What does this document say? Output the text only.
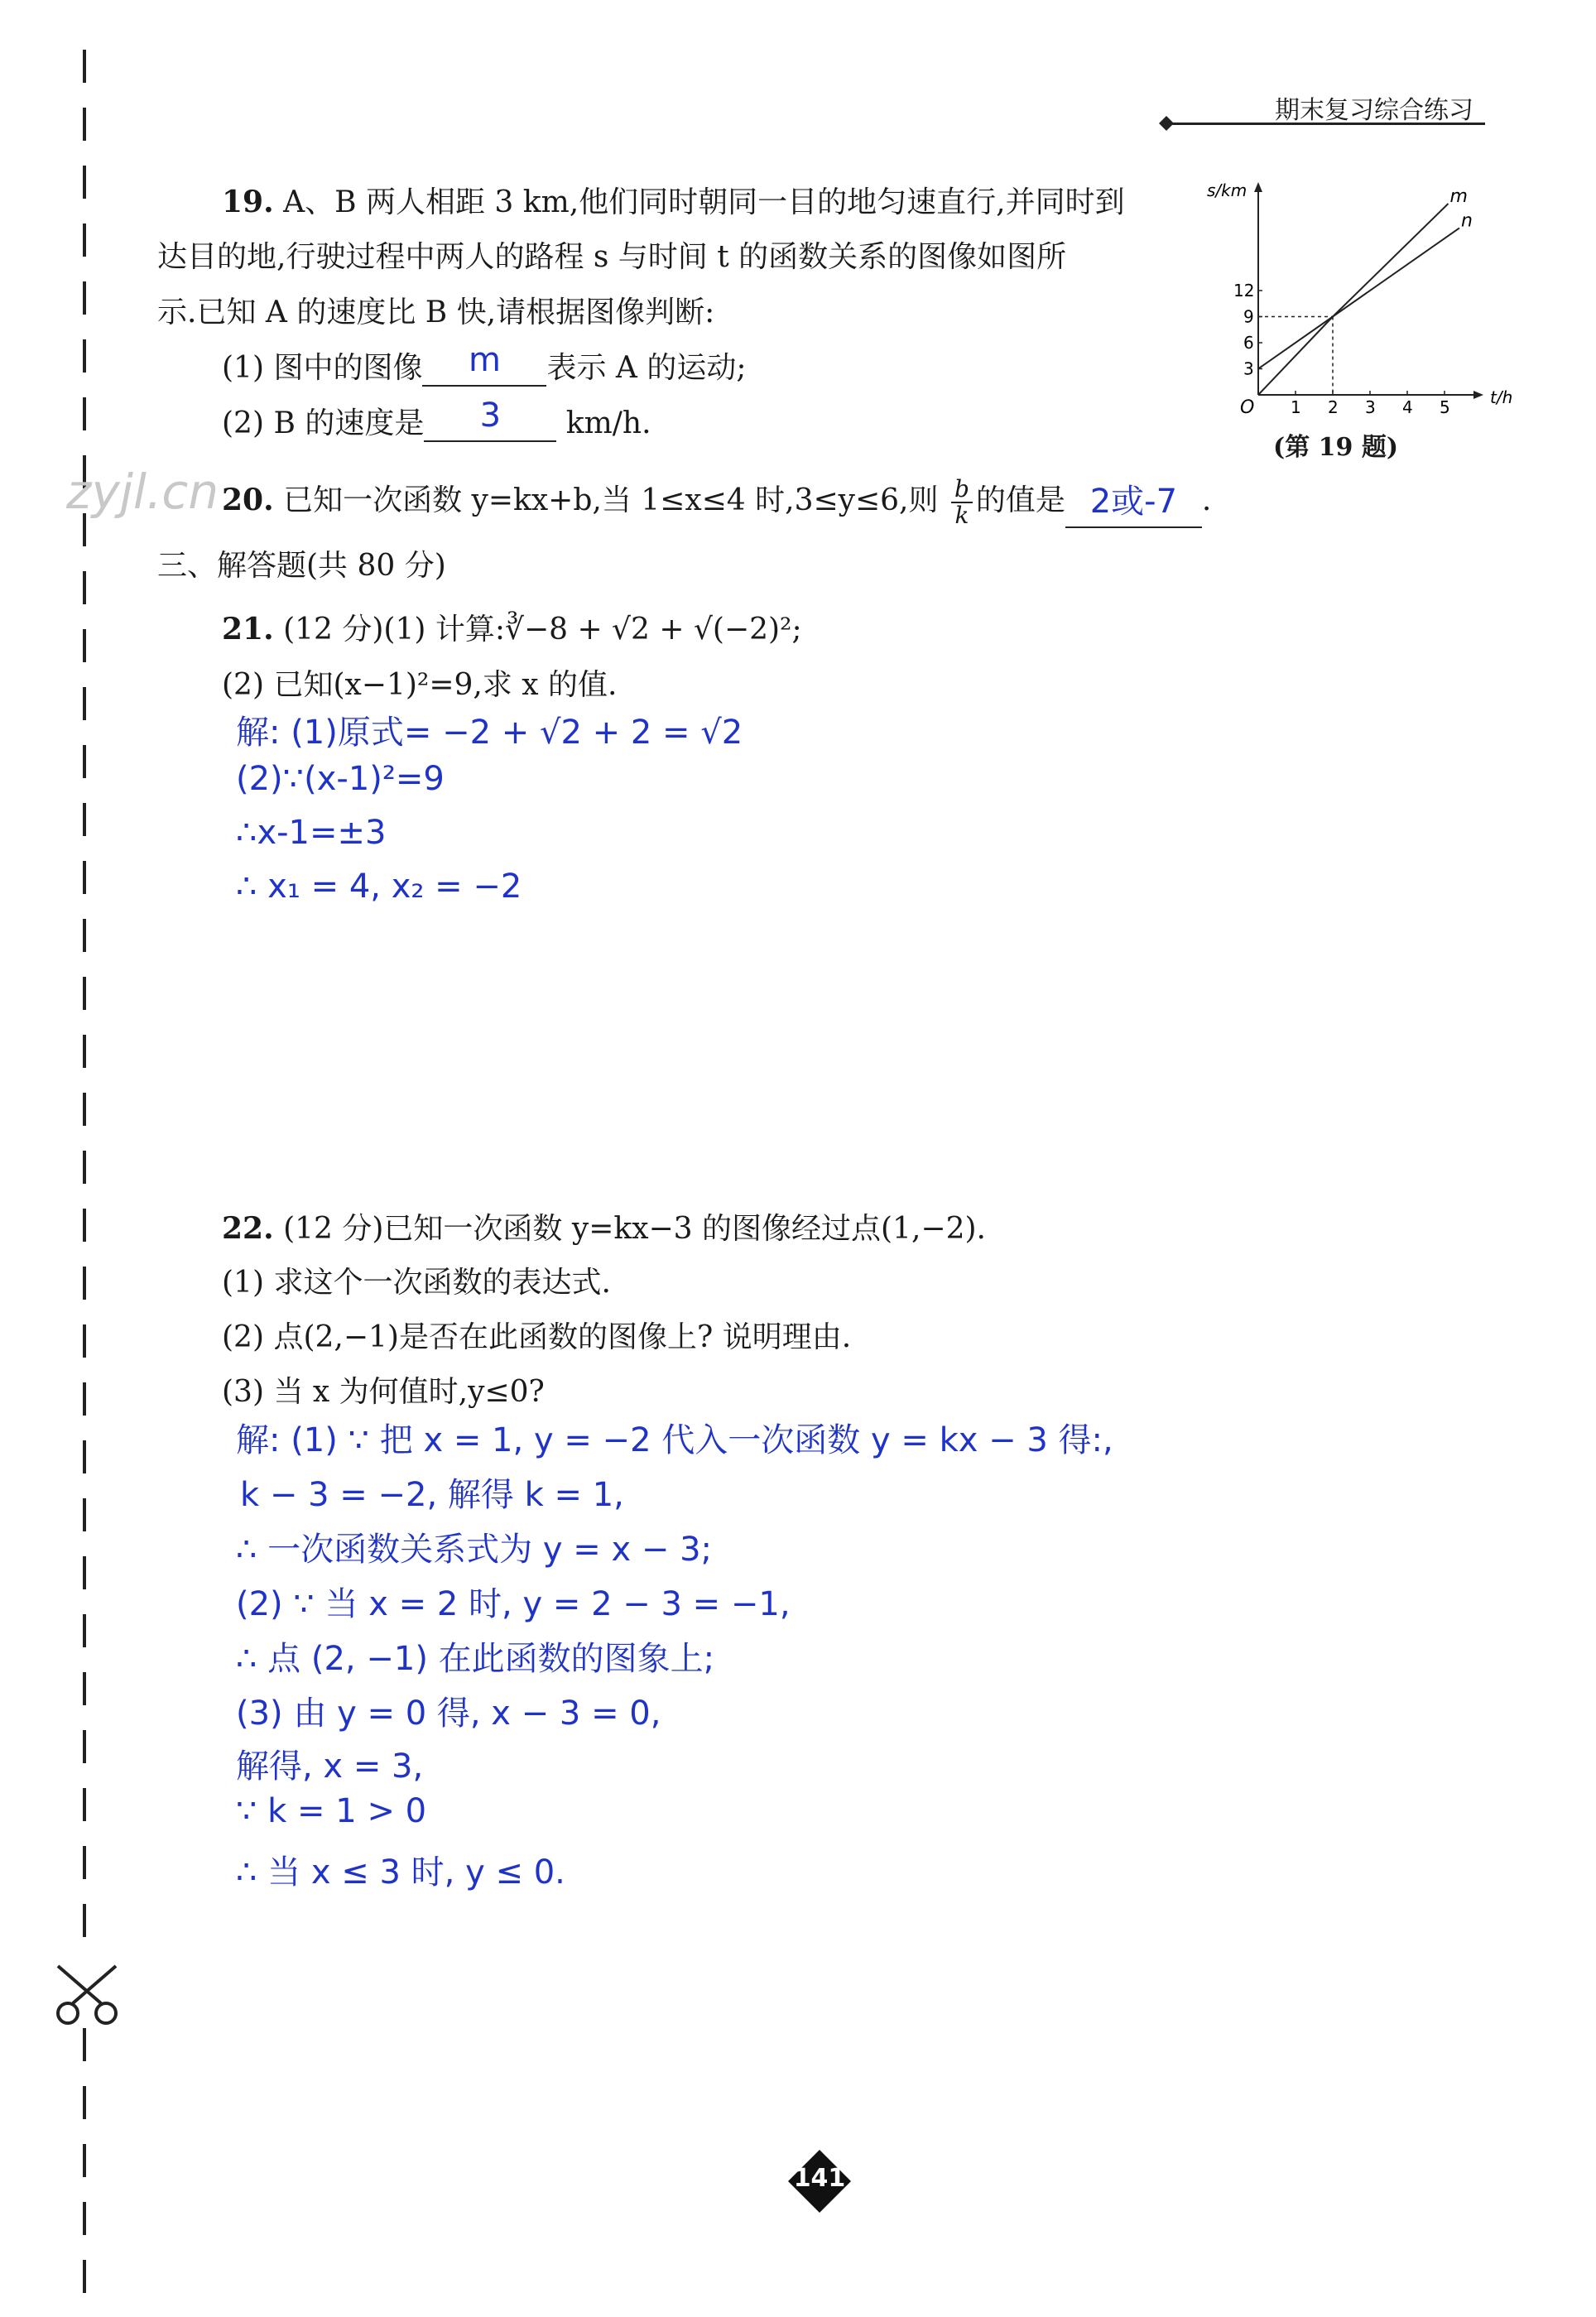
期末复习综合练习
19. A、B 两人相距 3 km,他们同时朝同一目的地匀速直行,并同时到
达目的地,行驶过程中两人的路程 s 与时间 t 的函数关系的图像如图所
示.已知 A 的速度比 B 快,请根据图像判断:
(1) 图中的图像	m	表示 A 的运动;
(2) B 的速度是	3	km/h.
s/km
t/h
O 1 2 3 4 5
3
6
9
12
m
n
(第 19 题)
zyjl.cn 20. 已知一次函数 y=kx+b,当 1≤x≤4 时,3≤y≤6,则 $\frac{b}{k}$ 的值是 2或-7 .
三、解答题(共 80 分)
21. (12 分)(1) 计算:∛−8 + √2 + √(−2)²;
(2) 已知(x−1)²=9,求 x 的值.
解: (1)原式= −2 + √2 + 2 = √2
(2)∵(x-1)²=9
∴x-1=±3
∴ x₁ = 4, x₂ = −2
22. (12 分)已知一次函数 y=kx−3 的图像经过点(1,−2).
(1) 求这个一次函数的表达式.
(2) 点(2,−1)是否在此函数的图像上? 说明理由.
(3) 当 x 为何值时,y≤0?
解: (1) ∵ 把 x = 1, y = −2 代入一次函数 y = kx − 3 得:,
k − 3 = −2, 解得 k = 1,
∴ 一次函数关系式为 y = x − 3;
(2) ∵ 当 x = 2 时, y = 2 − 3 = −1,
∴ 点 (2, −1) 在此函数的图象上;
(3) 由 y = 0 得, x − 3 = 0,
解得, x = 3,
∵ k = 1 > 0
∴ 当 x ≤ 3 时, y ≤ 0.
141
